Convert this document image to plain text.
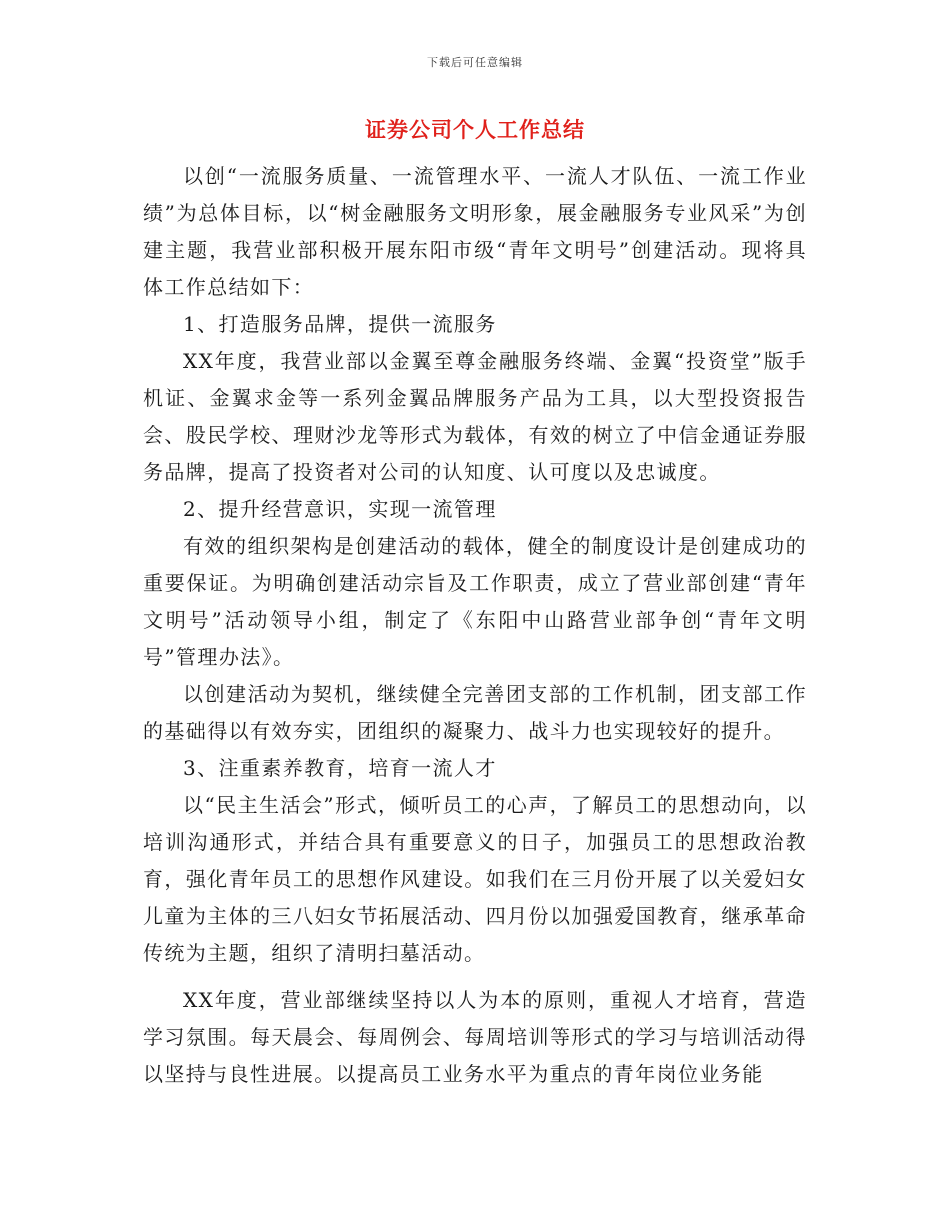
下载后可任意编辑
证券公司个人工作总结

以创“一流服务质量、一流管理水平、一流人才队伍、一流工作业绩”为总体目标，以“树金融服务文明形象，展金融服务专业风采”为创建主题，我营业部积极开展东阳市级“青年文明号”创建活动。现将具体工作总结如下：

1、打造服务品牌，提供一流服务

XX年度，我营业部以金翼至尊金融服务终端、金翼“投资堂”版手机证、金翼求金等一系列金翼品牌服务产品为工具，以大型投资报告会、股民学校、理财沙龙等形式为载体，有效的树立了中信金通证券服务品牌，提高了投资者对公司的认知度、认可度以及忠诚度。

2、提升经营意识，实现一流管理

有效的组织架构是创建活动的载体，健全的制度设计是创建成功的重要保证。为明确创建活动宗旨及工作职责，成立了营业部创建“青年文明号”活动领导小组，制定了《东阳中山路营业部争创“青年文明号”管理办法》。

以创建活动为契机，继续健全完善团支部的工作机制，团支部工作的基础得以有效夯实，团组织的凝聚力、战斗力也实现较好的提升。

3、注重素养教育，培育一流人才

以“民主生活会”形式，倾听员工的心声，了解员工的思想动向，以培训沟通形式，并结合具有重要意义的日子，加强员工的思想政治教育，强化青年员工的思想作风建设。如我们在三月份开展了以关爱妇女儿童为主体的三八妇女节拓展活动、四月份以加强爱国教育，继承革命传统为主题，组织了清明扫墓活动。

XX年度，营业部继续坚持以人为本的原则，重视人才培育，营造学习氛围。每天晨会、每周例会、每周培训等形式的学习与培训活动得以坚持与良性进展。以提高员工业务水平为重点的青年岗位业务能
